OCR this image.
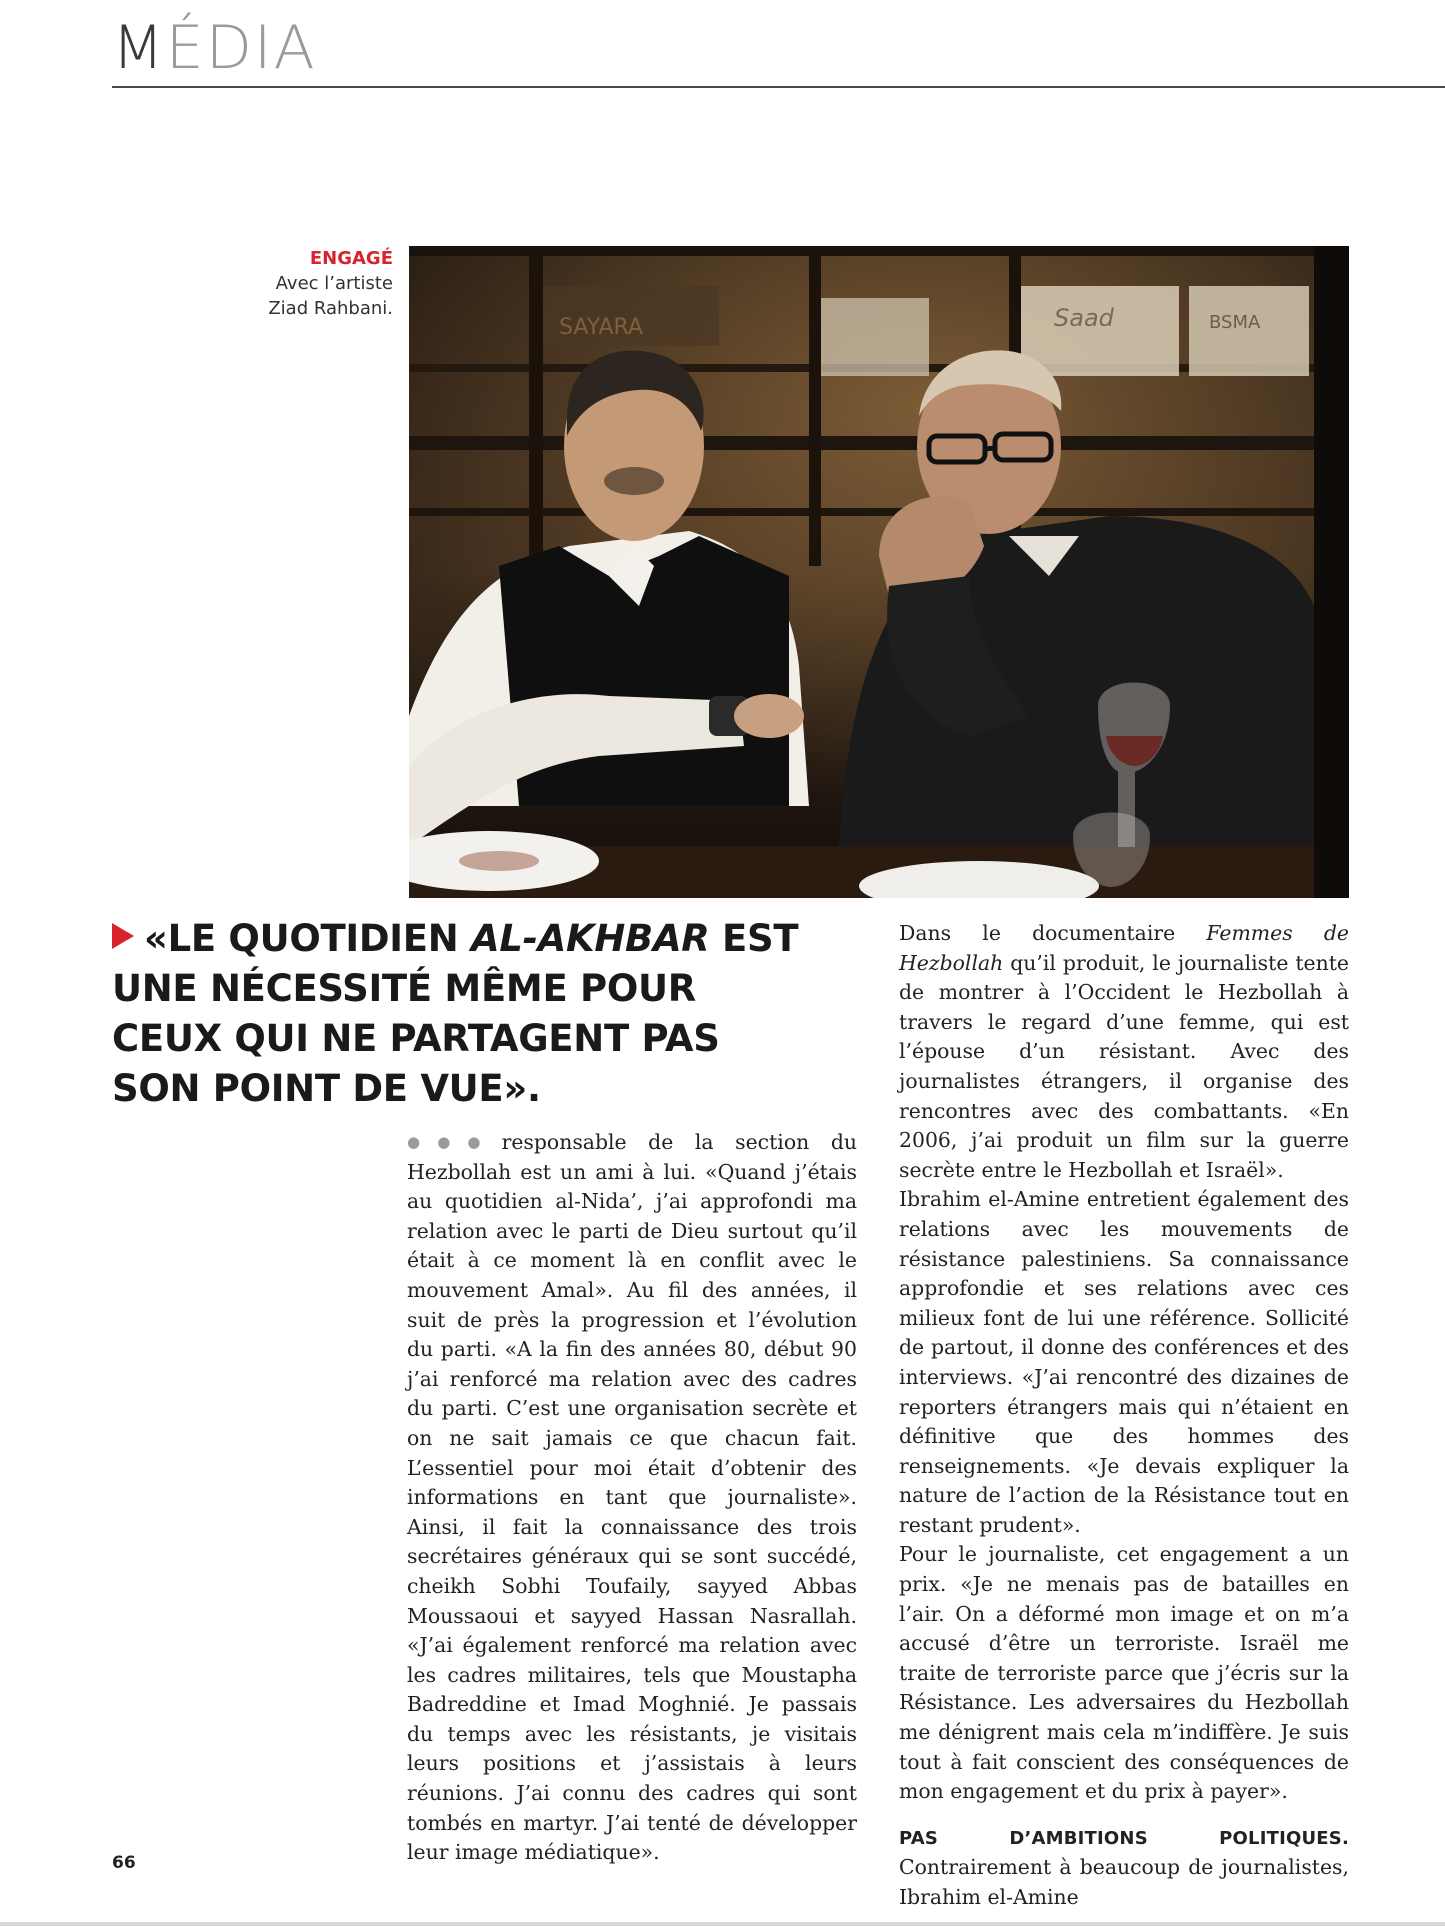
MÉDIA
ENGAGÉ
Avec l’artiste
Ziad Rahbani.
SAYARA	Saad	BSMA
«LE QUOTIDIEN AL-AKHBAR EST UNE NÉCESSITÉ MÊME POUR CEUX QUI NE PARTAGENT PAS SON POINT DE VUE».

●●● responsable de la section du Hezbollah est un ami à lui. «Quand j’étais au quotidien al-Nida’, j’ai approfondi ma relation avec le parti de Dieu surtout qu’il était à ce moment là en conflit avec le mouvement Amal». Au fil des années, il suit de près la progression et l’évolution du parti. «A la fin des années 80, début 90 j’ai renforcé ma relation avec des cadres du parti. C’est une organisation secrète et on ne sait jamais ce que chacun fait. L’essentiel pour moi était d’obtenir des informations en tant que journaliste». Ainsi, il fait la connaissance des trois secrétaires généraux qui se sont succédé, cheikh Sobhi Toufaily, sayyed Abbas Moussaoui et sayyed Hassan Nasrallah. «J’ai également renforcé ma relation avec les cadres militaires, tels que Moustapha Badreddine et Imad Moghnié. Je passais du temps avec les résistants, je visitais leurs positions et j’assistais à leurs réunions. J’ai connu des cadres qui sont tombés en martyr. J’ai tenté de développer leur image médiatique».

Dans le documentaire Femmes de Hezbollah qu’il produit, le journaliste tente de montrer à l’Occident le Hezbollah à travers le regard d’une femme, qui est l’épouse d’un résistant. Avec des journalistes étrangers, il organise des rencontres avec des combattants. «En 2006, j’ai produit un film sur la guerre secrète entre le Hezbollah et Israël».

Ibrahim el-Amine entretient également des relations avec les mouvements de résistance palestiniens. Sa connaissance approfondie et ses relations avec ces milieux font de lui une référence. Sollicité de partout, il donne des conférences et des interviews. «J’ai rencontré des dizaines de reporters étrangers mais qui n’étaient en définitive que des hommes des renseignements. «Je devais expliquer la nature de l’action de la Résistance tout en restant prudent».

Pour le journaliste, cet engagement a un prix. «Je ne menais pas de batailles en l’air. On a déformé mon image et on m’a accusé d’être un terroriste. Israël me traite de terroriste parce que j’écris sur la Résistance. Les adversaires du Hezbollah me dénigrent mais cela m’indiffère. Je suis tout à fait conscient des conséquences de mon engagement et du prix à payer».

PAS D’AMBITIONS POLITIQUES. Contrairement à beaucoup de journalistes, Ibrahim el-Amine

66
